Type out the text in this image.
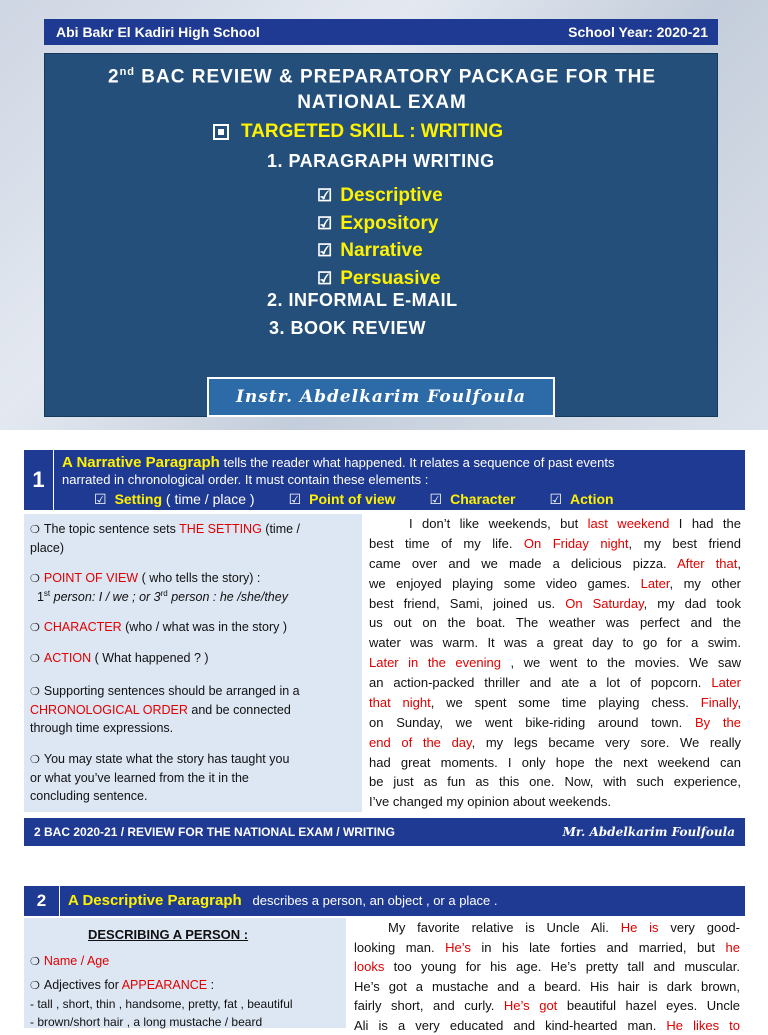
Abi Bakr El Kadiri High School	School Year: 2020-21
2nd BAC REVIEW & PREPARATORY PACKAGE FOR THE
NATIONAL EXAM
TARGETED SKILL : WRITING
1. PARAGRAPH WRITING
☑ Descriptive
☑ Expository
☑ Narrative
☑ Persuasive
2. INFORMAL E-MAIL
3. BOOK REVIEW
Instr. Abdelkarim Foulfoula
1
A Narrative Paragraph tells the reader what happened. It relates a sequence of past events
narrated in chronological order. It must contain these elements :
☑ Setting ( time / place ) ☑ Point of view ☑ Character ☑ Action
❍ The topic sentence sets THE SETTING (time /
place)
❍ POINT OF VIEW ( who tells the story) :
1st person: I / we ; or 3rd person : he /she/they
❍ CHARACTER (who / what was in the story )
❍ ACTION ( What happened ? )
❍ Supporting sentences should be arranged in a
CHRONOLOGICAL ORDER and be connected
through time expressions.
❍ You may state what the story has taught you
or what you’ve learned from the it in the
concluding sentence.
I don’t like weekends, but last weekend I had the
best time of my life. On Friday night, my best friend
came over and we made a delicious pizza. After that,
we enjoyed playing some video games. Later, my other
best friend, Sami, joined us. On Saturday, my dad took
us out on the boat. The weather was perfect and the
water was warm. It was a great day to go for a swim.
Later in the evening , we went to the movies. We saw
an action-packed thriller and ate a lot of popcorn. Later
that night, we spent some time playing chess. Finally,
on Sunday, we went bike-riding around town. By the
end of the day, my legs became very sore. We really
had great moments. I only hope the next weekend can
be just as fun as this one. Now, with such experience,
I’ve changed my opinion about weekends.
2 BAC 2020-21 / REVIEW FOR THE NATIONAL EXAM / WRITING	Mr. Abdelkarim Foulfoula
2	A Descriptive Paragraph describes a person, an object , or a place .
DESCRIBING A PERSON :
❍ Name / Age
❍ Adjectives for APPEARANCE :
- tall , short, thin , handsome, pretty, fat , beautiful
- brown/short hair , a long mustache / beard
My favorite relative is Uncle Ali. He is very good-
looking man. He’s in his late forties and married, but he
looks too young for his age. He’s pretty tall and muscular.
He’s got a mustache and a beard. His hair is dark brown,
fairly short, and curly. He’s got beautiful hazel eyes. Uncle
Ali is a very educated and kind-hearted man. He likes to
